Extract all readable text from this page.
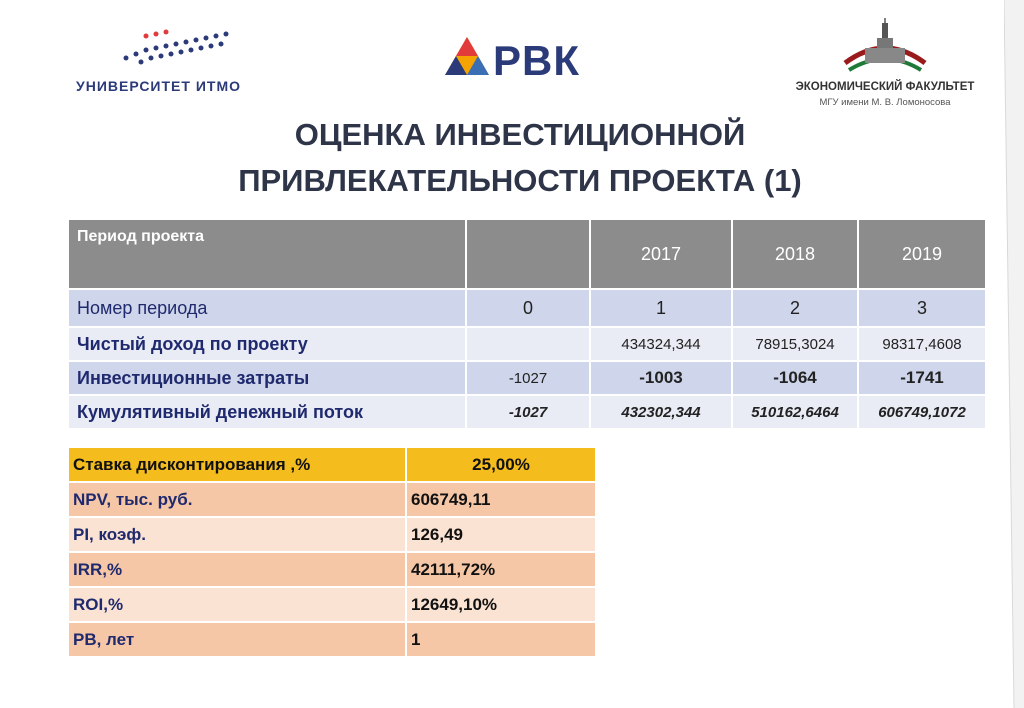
УНИВЕРСИТЕТ ИТМО
РВК
ЭКОНОМИЧЕСКИЙ ФАКУЛЬТЕТ
МГУ имени М. В. Ломоносова
ОЦЕНКА ИНВЕСТИЦИОННОЙ
ПРИВЛЕКАТЕЛЬНОСТИ ПРОЕКТА (1)
Период проекта		2017	2018	2019
Номер периода	0	1	2	3
Чистый доход по проекту		434324,344	78915,3024	98317,4608
Инвестиционные затраты	-1027	-1003	-1064	-1741
Кумулятивный денежный поток	-1027	432302,344	510162,6464	606749,1072
Ставка дисконтирования ,%	25,00%
NPV, тыс. руб.	606749,11
PI, коэф.	126,49
IRR,%	42111,72%
ROI,%	12649,10%
PB, лет	1
